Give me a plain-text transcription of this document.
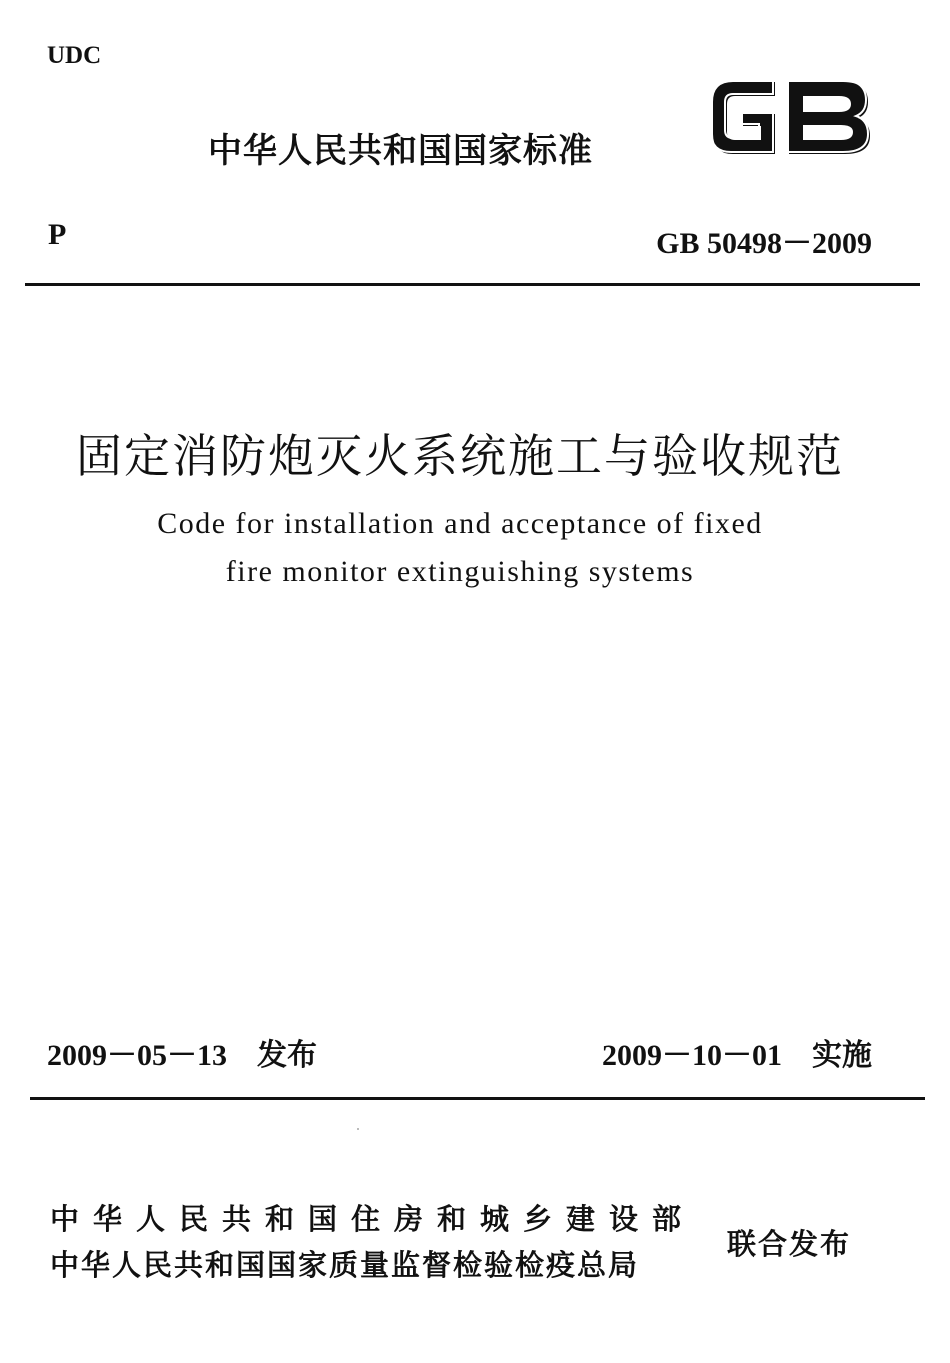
UDC

中华人民共和国国家标准

P	GB 50498－2009

固定消防炮灭火系统施工与验收规范

Code for installation and acceptance of fixed

fire monitor extinguishing systems

2009－05－13　发布	2009－10－01　实施

中华人民共和国住房和城乡建设部

中华人民共和国国家质量监督检验检疫总局

联合发布
